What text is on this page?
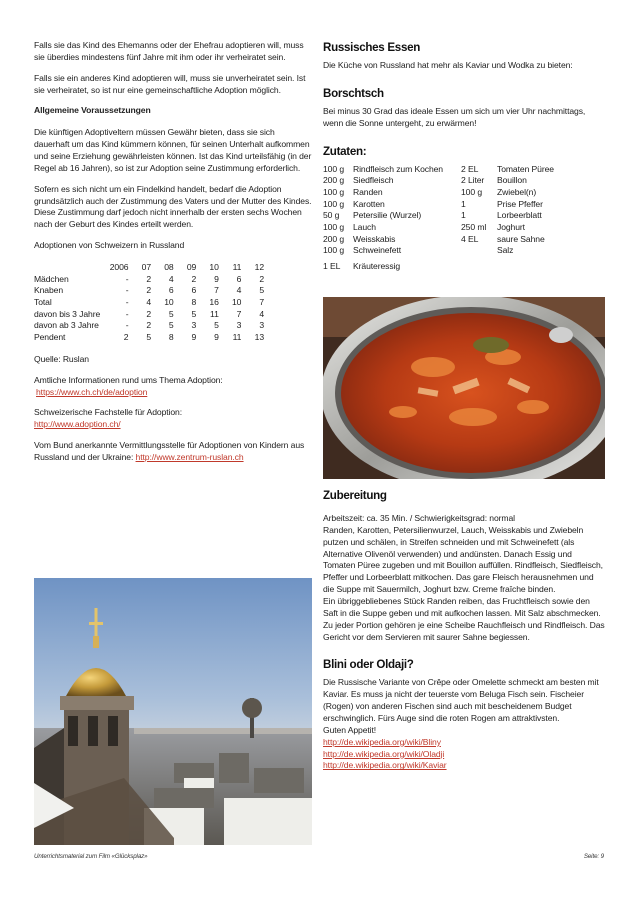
Falls sie das Kind des Ehemanns oder der Ehefrau adoptieren will, muss sie überdies mindestens fünf Jahre mit ihm oder ihr verheiratet sein.

Falls sie ein anderes Kind adoptieren will, muss sie unverheiratet sein. Ist sie verheiratet, so ist nur eine gemeinschaftliche Adoption möglich.

Allgemeine Voraussetzungen

Die künftigen Adoptiveltern müssen Gewähr bieten, dass sie sich dauerhaft um das Kind kümmern können, für seinen Unterhalt aufkommen und seine Erziehung gewährleisten können. Ist das Kind urteilsfähig (in der Regel ab 16 Jahren), so ist zur Adoption seine Zustimmung erforderlich.

Sofern es sich nicht um ein Findelkind handelt, bedarf die Adoption grundsätzlich auch der Zustimmung des Vaters und der Mutter des Kindes. Diese Zustimmung darf jedoch nicht innerhalb der ersten sechs Wochen nach der Geburt des Kindes erteilt werden.

Adoptionen von Schweizern in Russland

	2006	07	08	09	10	11	12
Mädchen	-	2	4	2	9	6	2
Knaben	-	2	6	6	7	4	5
Total	-	4	10	8	16	10	7
davon bis 3 Jahre	-	2	5	5	11	7	4
davon ab 3 Jahre	-	2	5	3	5	3	3
Pendent	2	5	8	9	9	11	13

Quelle: Ruslan

Amtliche Informationen rund ums Thema Adoption:
https://www.ch.ch/de/adoption

Schweizerische Fachstelle für Adoption:
http://www.adoption.ch/

Vom Bund anerkannte Vermittlungsstelle für Adoptionen von Kindern aus Russland und der Ukraine: http://www.zentrum-ruslan.ch

Russisches Essen

Die Küche von Russland hat mehr als Kaviar und Wodka zu bieten:

Borschtsch

Bei minus 30 Grad das ideale Essen um sich um vier Uhr nachmittags, wenn die Sonne untergeht, zu erwärmen!

Zutaten:
100 g	Rindfleisch zum Kochen
200 g	Siedfleisch
100 g	Randen
100 g	Karotten
50 g	Petersilie (Wurzel)
100 g	Lauch
200 g	Weisskabis
100 g	Schweinefett
2 EL	Tomaten Püree
2 Liter	Bouillon
100 g	Zwiebel(n)
1	Prise Pfeffer
1	Lorbeerblatt
250 ml	Joghurt
4 EL	saure Sahne
	Salz
1 EL	Kräuteressig
Zubereitung

Arbeitszeit: ca. 35 Min. / Schwierigkeitsgrad: normal

Randen, Karotten, Petersilienwurzel, Lauch, Weisskabis und Zwiebeln putzen und schälen, in Streifen schneiden und mit Schweinefett (als Alternative Olivenöl verwenden) und andünsten. Danach Essig und Tomaten Püree zugeben und mit Bouillon auffüllen. Rindfleisch, Siedfleisch, Pfeffer und Lorbeerblatt mitkochen. Das gare Fleisch herausnehmen und die Suppe mit Sauermilch, Joghurt bzw. Creme fraîche binden.

Ein übriggebliebenes Stück Randen reiben, das Fruchtfleisch sowie den Saft in die Suppe geben und mit aufkochen lassen. Mit Salz abschmecken. Zu jeder Portion gehören je eine Scheibe Rauchfleisch und Rindfleisch. Das Gericht vor dem Servieren mit saurer Sahne begiessen.

Blini oder Oldaji?

Die Russische Variante von Crêpe oder Omelette schmeckt am besten mit Kaviar. Es muss ja nicht der teuerste vom Beluga Fisch sein. Fischeier (Rogen) von anderen Fischen sind auch mit bescheidenem Budget erschwinglich. Fürs Auge sind die roten Rogen am attraktivsten.

Guten Appetit!

http://de.wikipedia.org/wiki/Bliny
http://de.wikipedia.org/wiki/Oladji
http://de.wikipedia.org/wiki/Kaviar
Unterrichtsmaterial zum Film «Glücksplaz»	Seite: 9
